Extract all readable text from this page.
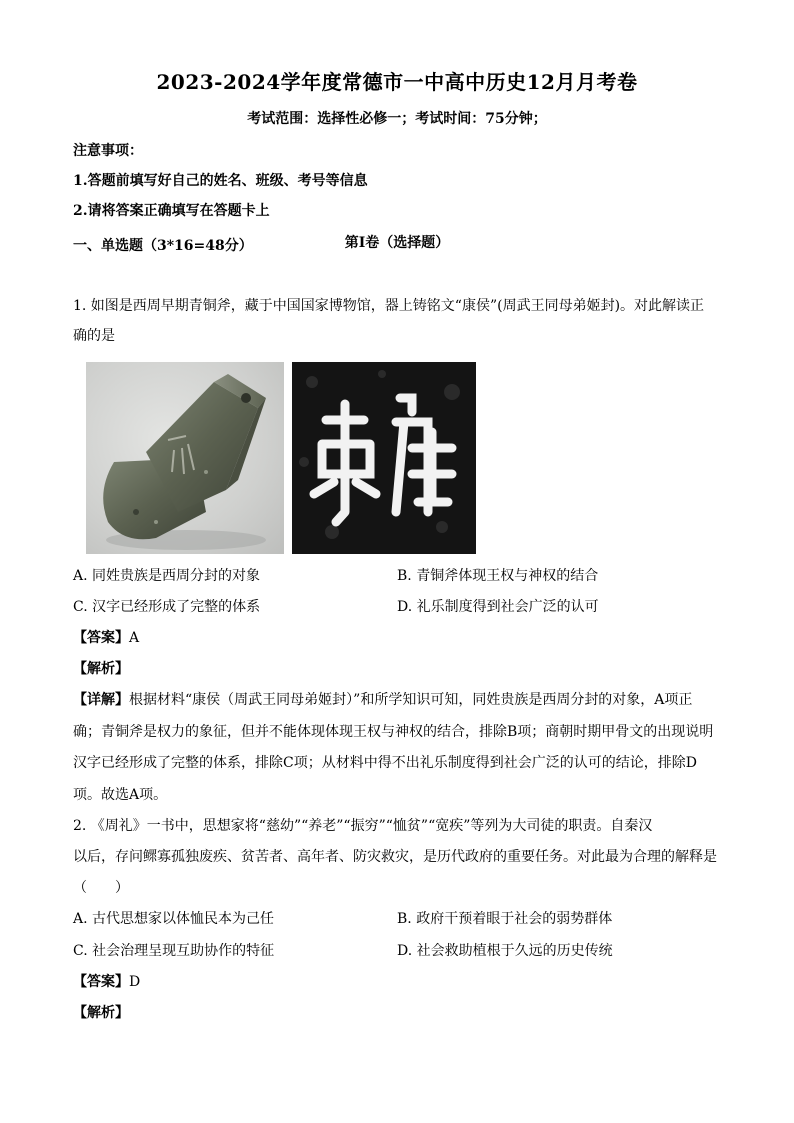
2023-2024学年度常德市一中高中历史12月月考卷
考试范围：选择性必修一；考试时间：75分钟；
注意事项：
1.答题前填写好自己的姓名、班级、考号等信息
2.请将答案正确填写在答题卡上
第Ⅰ卷（选择题）
一、单选题（3*16=48分）
1. 如图是西周早期青铜斧，藏于中国国家博物馆，器上铸铭文“康侯”(周武王同母弟姬封)。对此解读正
确的是
A. 同姓贵族是西周分封的对象	B. 青铜斧体现王权与神权的结合
C. 汉字已经形成了完整的体系	D. 礼乐制度得到社会广泛的认可
【答案】A
【解析】
【详解】根据材料“康侯（周武王同母弟姬封）”和所学知识可知，同姓贵族是西周分封的对象，A项正
确；青铜斧是权力的象征，但并不能体现体现王权与神权的结合，排除B项；商朝时期甲骨文的出现说明
汉字已经形成了完整的体系，排除C项；从材料中得不出礼乐制度得到社会广泛的认可的结论，排除D
项。故选A项。
2. 《周礼》一书中，思想家将“慈幼”“养老”“振穷”“恤贫”“宽疾”等列为大司徒的职责。自秦汉
以后，存问鳏寡孤独废疾、贫苦者、高年者、防灾救灾，是历代政府的重要任务。对此最为合理的解释是
（　　）
A. 古代思想家以体恤民本为己任	B. 政府干预着眼于社会的弱势群体
C. 社会治理呈现互助协作的特征	D. 社会救助植根于久远的历史传统
【答案】D
【解析】
